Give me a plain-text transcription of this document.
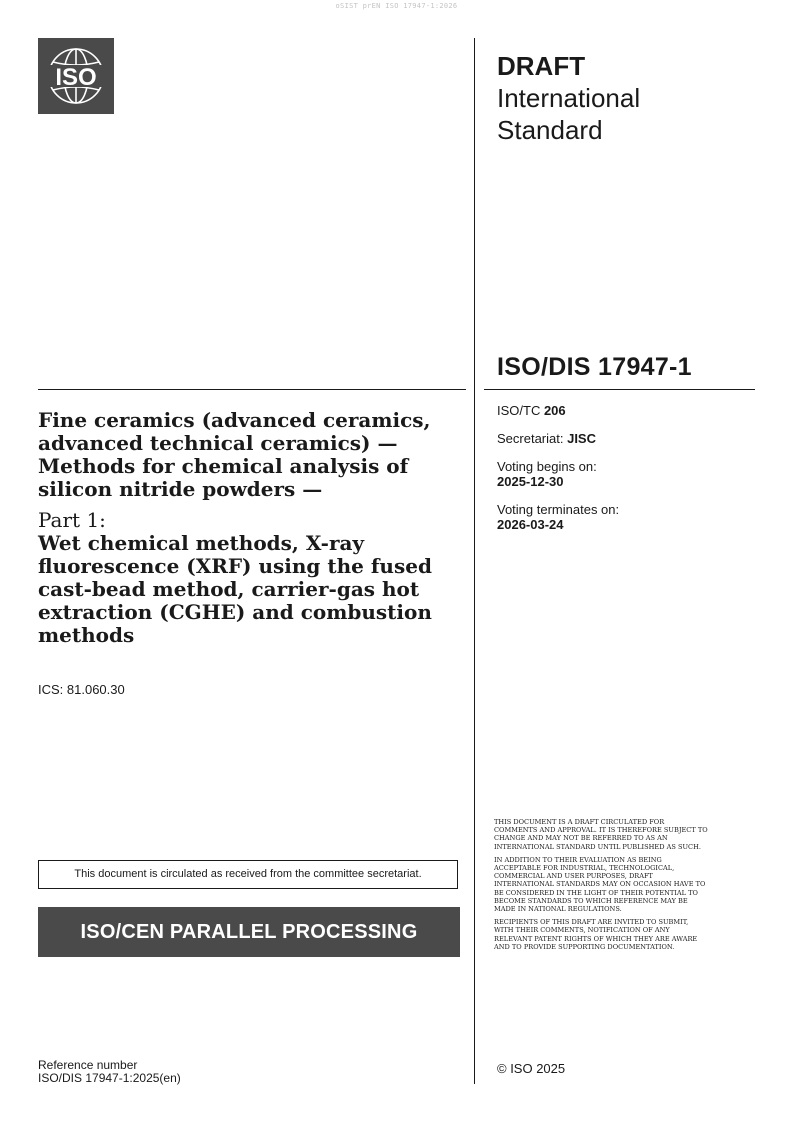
oSIST prEN ISO 17947-1:2026
ISO	DRAFT
International
Standard
ISO/DIS 17947-1
Fine ceramics (advanced ceramics, advanced technical ceramics) — Methods for chemical analysis of silicon nitride powders —
Part 1:
Wet chemical methods, X-ray fluorescence (XRF) using the fused cast-bead method, carrier-gas hot extraction (CGHE) and combustion methods
ICS: 81.060.30
ISO/TC 206
Secretariat: JISC
Voting begins on:
2025-12-30
Voting terminates on:
2026-03-24
This document is circulated as received from the committee secretariat.
ISO/CEN PARALLEL PROCESSING

THIS DOCUMENT IS A DRAFT CIRCULATED FOR COMMENTS AND APPROVAL. IT IS THEREFORE SUBJECT TO CHANGE AND MAY NOT BE REFERRED TO AS AN INTERNATIONAL STANDARD UNTIL PUBLISHED AS SUCH.

IN ADDITION TO THEIR EVALUATION AS BEING ACCEPTABLE FOR INDUSTRIAL, TECHNOLOGICAL, COMMERCIAL AND USER PURPOSES, DRAFT INTERNATIONAL STANDARDS MAY ON OCCASION HAVE TO BE CONSIDERED IN THE LIGHT OF THEIR POTENTIAL TO BECOME STANDARDS TO WHICH REFERENCE MAY BE MADE IN NATIONAL REGULATIONS.

RECIPIENTS OF THIS DRAFT ARE INVITED TO SUBMIT, WITH THEIR COMMENTS, NOTIFICATION OF ANY RELEVANT PATENT RIGHTS OF WHICH THEY ARE AWARE AND TO PROVIDE SUPPORTING DOCUMENTATION.

© ISO 2025
Reference number
ISO/DIS 17947-1:2025(en)
